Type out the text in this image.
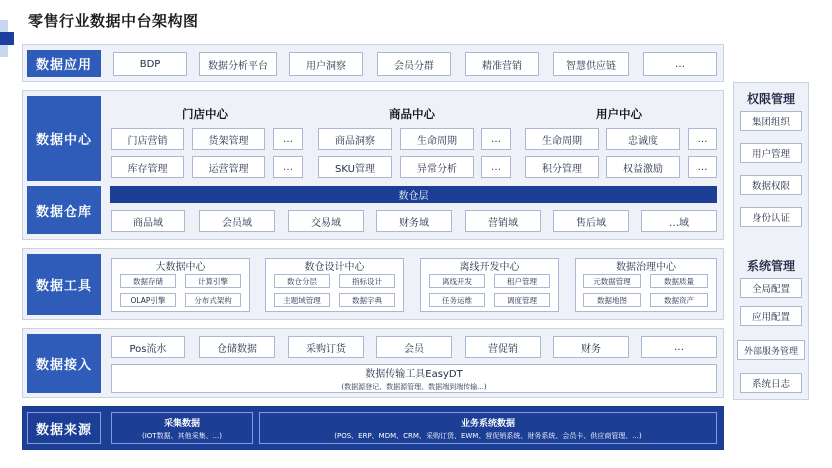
零售行业数据中台架构图
数据应用	BDP	数据分析平台	用户洞察	会员分群	精准营销	智慧供应链	…
数据中心
数据仓库
门店中心
门店营销	货架管理	…
库存管理	运营管理	…
商品中心
商品洞察	生命周期	…
SKU管理	异常分析	…
用户中心
生命周期	忠诚度	…
积分管理	权益激励	…
数仓层
商品域	会员域	交易域	财务域	营销域	售后域	…域
数据工具
大数据中心
数据存储	计算引擎
OLAP引擎	分布式架构
数仓设计中心
数仓分层	指标设计
主题域管理	数据字典
离线开发中心
离线开发	租户管理
任务运维	调度管理
数据治理中心
元数据管理	数据质量
数据地图	数据资产
数据接入
Pos流水	仓储数据	采购订货	会员	营促销	财务	…
数据传输工具EasyDT
(数据源登记、数据源管理、数据端到端传输...)
数据来源	采集数据
(IOT数据、其他采集、...)
业务系统数据
(POS、ERP、MDM、CRM、采购订货、EWM、营促销系统、财务系统、会员卡、供应商管理、...)
权限管理
集团组织
用户管理
数据权限
身份认证
系统管理
全局配置
应用配置
外部服务管理
系统日志
